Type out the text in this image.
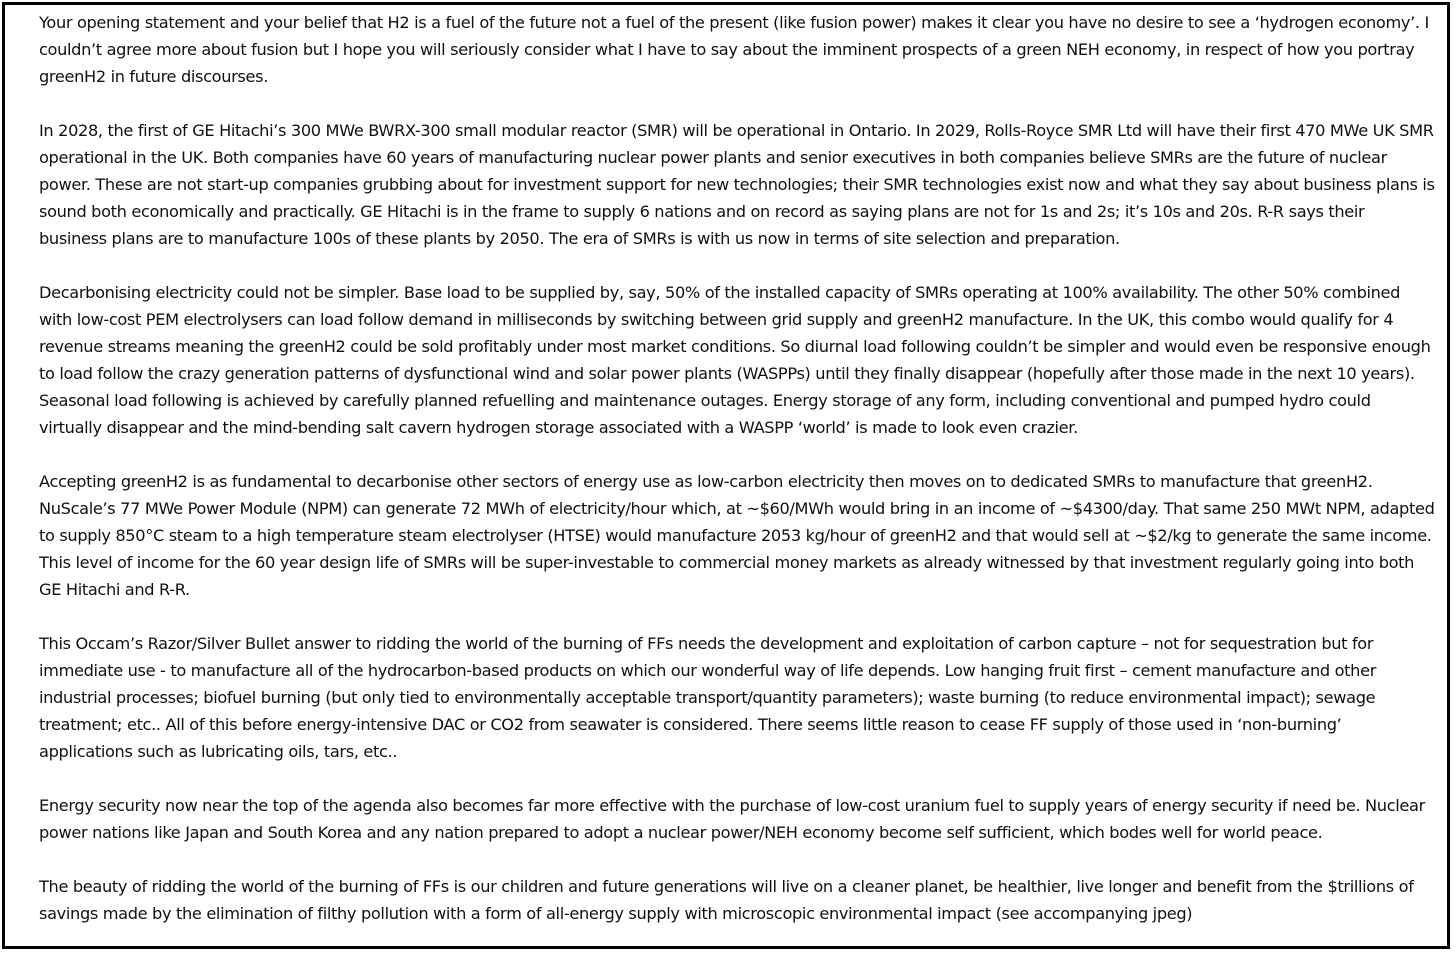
Your opening statement and your belief that H2 is a fuel of the future not a fuel of the present (like fusion power) makes it clear you have no desire to see a ‘hydrogen economy’. I couldn’t agree more about fusion but I hope you will seriously consider what I have to say about the imminent prospects of a green NEH economy, in respect of how you portray greenH2 in future discourses.

In 2028, the first of GE Hitachi’s 300 MWe BWRX-300 small modular reactor (SMR) will be operational in Ontario. In 2029, Rolls-Royce SMR Ltd will have their first 470 MWe UK SMR operational in the UK. Both companies have 60 years of manufacturing nuclear power plants and senior executives in both companies believe SMRs are the future of nuclear power. These are not start-up companies grubbing about for investment support for new technologies; their SMR technologies exist now and what they say about business plans is sound both economically and practically. GE Hitachi is in the frame to supply 6 nations and on record as saying plans are not for 1s and 2s; it’s 10s and 20s. R-R says their business plans are to manufacture 100s of these plants by 2050. The era of SMRs is with us now in terms of site selection and preparation.

Decarbonising electricity could not be simpler. Base load to be supplied by, say, 50% of the installed capacity of SMRs operating at 100% availability. The other 50% combined with low-cost PEM electrolysers can load follow demand in milliseconds by switching between grid supply and greenH2 manufacture. In the UK, this combo would qualify for 4 revenue streams meaning the greenH2 could be sold profitably under most market conditions. So diurnal load following couldn’t be simpler and would even be responsive enough to load follow the crazy generation patterns of dysfunctional wind and solar power plants (WASPPs) until they finally disappear (hopefully after those made in the next 10 years). Seasonal load following is achieved by carefully planned refuelling and maintenance outages. Energy storage of any form, including conventional and pumped hydro could virtually disappear and the mind-bending salt cavern hydrogen storage associated with a WASPP ‘world’ is made to look even crazier.

Accepting greenH2 is as fundamental to decarbonise other sectors of energy use as low-carbon electricity then moves on to dedicated SMRs to manufacture that greenH2. NuScale’s 77 MWe Power Module (NPM) can generate 72 MWh of electricity/hour which, at ~$60/MWh would bring in an income of ~$4300/day. That same 250 MWt NPM, adapted to supply 850°C steam to a high temperature steam electrolyser (HTSE) would manufacture 2053 kg/hour of greenH2 and that would sell at ~$2/kg to generate the same income. This level of income for the 60 year design life of SMRs will be super-investable to commercial money markets as already witnessed by that investment regularly going into both GE Hitachi and R-R.

This Occam’s Razor/Silver Bullet answer to ridding the world of the burning of FFs needs the development and exploitation of carbon capture – not for sequestration but for immediate use - to manufacture all of the hydrocarbon-based products on which our wonderful way of life depends. Low hanging fruit first – cement manufacture and other industrial processes; biofuel burning (but only tied to environmentally acceptable transport/quantity parameters); waste burning (to reduce environmental impact); sewage treatment; etc.. All of this before energy-intensive DAC or CO2 from seawater is considered. There seems little reason to cease FF supply of those used in ‘non-burning’ applications such as lubricating oils, tars, etc..

Energy security now near the top of the agenda also becomes far more effective with the purchase of low-cost uranium fuel to supply years of energy security if need be. Nuclear power nations like Japan and South Korea and any nation prepared to adopt a nuclear power/NEH economy become self sufficient, which bodes well for world peace.

The beauty of ridding the world of the burning of FFs is our children and future generations will live on a cleaner planet, be healthier, live longer and benefit from the $trillions of savings made by the elimination of filthy pollution with a form of all-energy supply with microscopic environmental impact (see accompanying jpeg)
